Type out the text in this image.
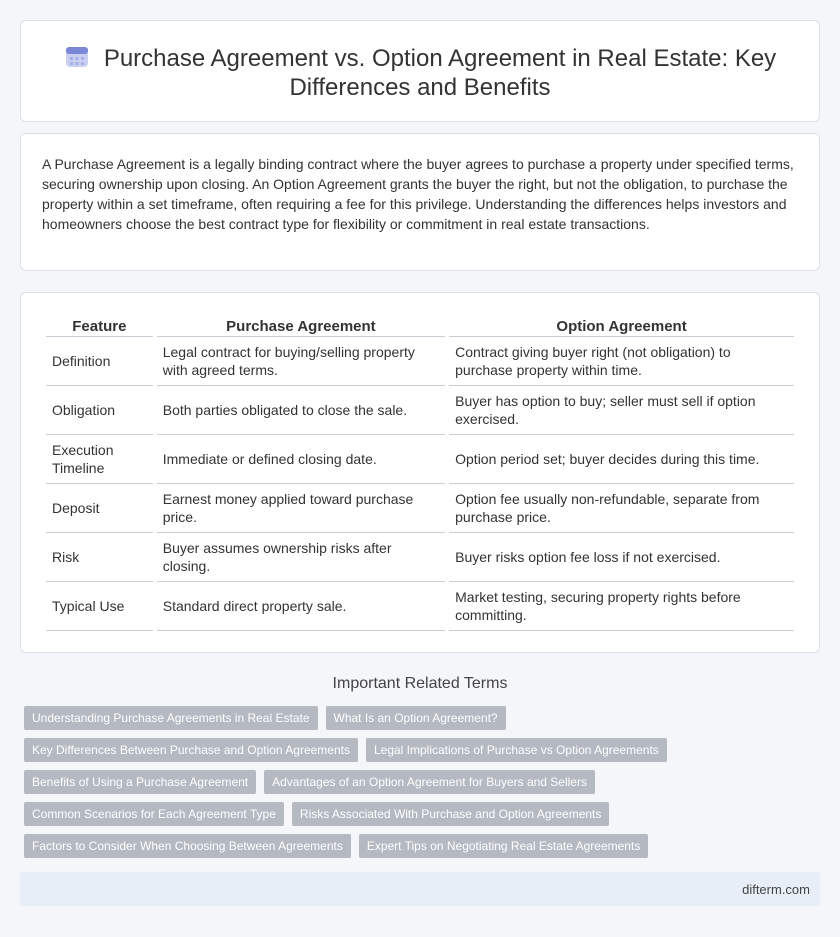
Purchase Agreement vs. Option Agreement in Real Estate: Key Differences and Benefits

A Purchase Agreement is a legally binding contract where the buyer agrees to purchase a property under specified terms, securing ownership upon closing. An Option Agreement grants the buyer the right, but not the obligation, to purchase the property within a set timeframe, often requiring a fee for this privilege. Understanding the differences helps investors and homeowners choose the best contract type for flexibility or commitment in real estate transactions.

Feature	Purchase Agreement	Option Agreement
Definition	Legal contract for buying/selling property with agreed terms.	Contract giving buyer right (not obligation) to purchase property within time.
Obligation	Both parties obligated to close the sale.	Buyer has option to buy; seller must sell if option exercised.
Execution Timeline	Immediate or defined closing date.	Option period set; buyer decides during this time.
Deposit	Earnest money applied toward purchase price.	Option fee usually non-refundable, separate from purchase price.
Risk	Buyer assumes ownership risks after closing.	Buyer risks option fee loss if not exercised.
Typical Use	Standard direct property sale.	Market testing, securing property rights before committing.
Important Related Terms
Understanding Purchase Agreements in Real Estate	What Is an Option Agreement?
Key Differences Between Purchase and Option Agreements	Legal Implications of Purchase vs Option Agreements
Benefits of Using a Purchase Agreement	Advantages of an Option Agreement for Buyers and Sellers
Common Scenarios for Each Agreement Type	Risks Associated With Purchase and Option Agreements
Factors to Consider When Choosing Between Agreements	Expert Tips on Negotiating Real Estate Agreements
difterm.com
